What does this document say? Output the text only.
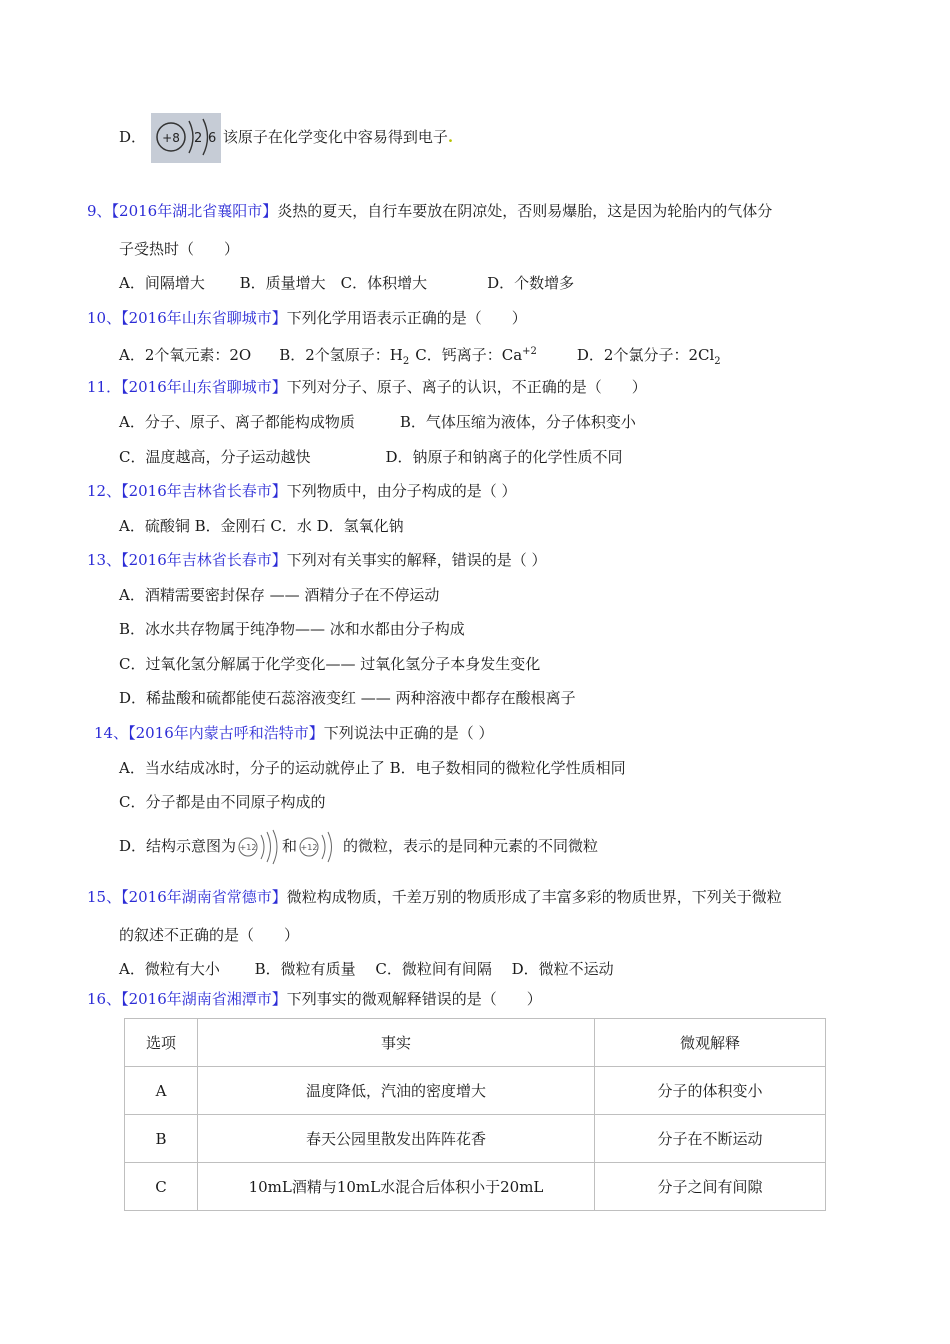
D． +8 2 6 该原子在化学变化中容易得到电子.
9、【2016年湖北省襄阳市】炎热的夏天，自行车要放在阴凉处，否则易爆胎，这是因为轮胎内的气体分
子受热时（　　）
A．间隔增大　　 B．质量增大　C．体积增大　　　　D．个数增多
10、【2016年山东省聊城市】下列化学用语表示正确的是（　　）
A．2个氧元素：2O B．2个氢原子：$H_2$ C．钙离子：$Ca^{+2}$	D．2个氯分子：$2Cl_2$
11．【2016年山东省聊城市】下列对分子、原子、离子的认识，不正确的是（　　）
A．分子、原子、离子都能构成物质　　　B．气体压缩为液体，分子体积变小
C．温度越高，分子运动越快　　　　　D．钠原子和钠离子的化学性质不同
12、【2016年吉林省长春市】下列物质中，由分子构成的是（ ）
A．硫酸铜 B．金刚石 C．水 D．氢氧化钠
13、【2016年吉林省长春市】下列对有关事实的解释，错误的是（ ）
A．酒精需要密封保存 —— 酒精分子在不停运动
B．冰水共存物属于纯净物—— 冰和水都由分子构成
C．过氧化氢分解属于化学变化—— 过氧化氢分子本身发生变化
D．稀盐酸和硫都能使石蕊溶液变红 —— 两种溶液中都存在酸根离子
14、【2016年内蒙古呼和浩特市】下列说法中正确的是（ ）
A．当水结成冰时，分子的运动就停止了 B．电子数相同的微粒化学性质相同
C．分子都是由不同原子构成的
D．结构示意图为 +12 和 +12 的微粒，表示的是同种元素的不同微粒
15、【2016年湖南省常德市】微粒构成物质，千差万别的物质形成了丰富多彩的物质世界，下列关于微粒
的叙述不正确的是（　　）
A．微粒有大小　　 B．微粒有质量　 C．微粒间有间隔　 D．微粒不运动
16、【2016年湖南省湘潭市】下列事实的微观解释错误的是（　　）
选项	事实	微观解释
A	温度降低，汽油的密度增大	分子的体积变小
B	春天公园里散发出阵阵花香	分子在不断运动
C	10mL酒精与10mL水混合后体积小于20mL	分子之间有间隙
